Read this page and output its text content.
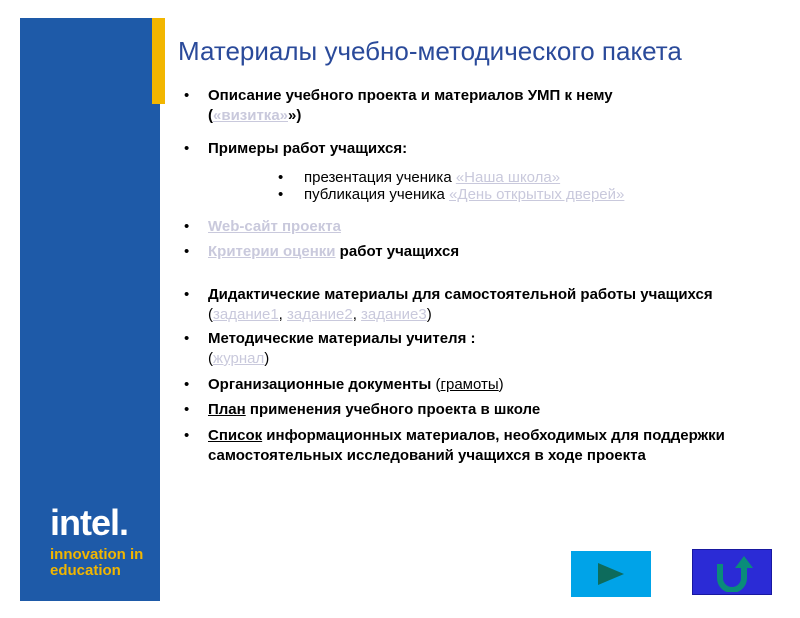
intel.
innovation in
education
Материалы учебно-методического пакета
• Описание учебного проекта и материалов УМП к нему
(«визитка»»)
• Примеры работ учащихся:
• презентация ученика «Наша школа»
• публикация ученика «День открытых дверей»
• Web-сайт проекта
• Критерии оценки работ учащихся
• Дидактические материалы для самостоятельной работы учащихся (задание1, задание2, задание3)
• Методические материалы учителя :
(журнал)
• Организационные документы (грамоты)
• План применения учебного проекта в школе
• Список информационных материалов, необходимых для поддержки самостоятельных исследований учащихся в ходе проекта
